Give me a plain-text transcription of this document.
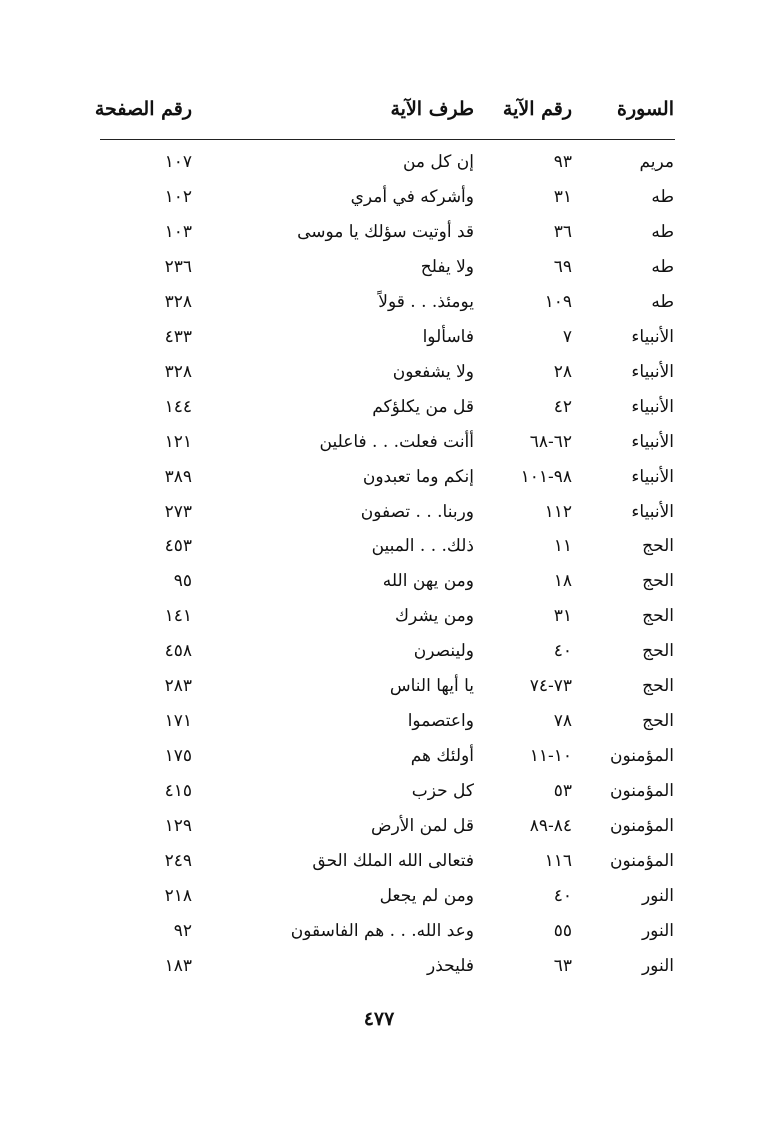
السورة
رقم الآية
طرف الآية
رقم الصفحة
مريم
٩٣
إن كل من
١٠٧
طه
٣١
وأشركه في أمري
١٠٢
طه
٣٦
قد أوتيت سؤلك يا موسى
١٠٣
طه
٦٩
ولا يفلح
٢٣٦
طه
١٠٩
يومئذ. . . قولاً
٣٢٨
الأنبياء
٧
فاسألوا
٤٣٣
الأنبياء
٢٨
ولا يشفعون
٣٢٨
الأنبياء
٤٢
قل من يكلؤكم
١٤٤
الأنبياء
٦٢-٦٨
أأنت فعلت. . . فاعلين
١٢١
الأنبياء
٩٨-١٠١
إنكم وما تعبدون
٣٨٩
الأنبياء
١١٢
وربنا. . . تصفون
٢٧٣
الحج
١١
ذلك. . . المبين
٤٥٣
الحج
١٨
ومن يهن الله
٩٥
الحج
٣١
ومن يشرك
١٤١
الحج
٤٠
ولينصرن
٤٥٨
الحج
٧٣-٧٤
يا أيها الناس
٢٨٣
الحج
٧٨
واعتصموا
١٧١
المؤمنون
١٠-١١
أولئك هم
١٧٥
المؤمنون
٥٣
كل حزب
٤١٥
المؤمنون
٨٤-٨٩
قل لمن الأرض
١٢٩
المؤمنون
١١٦
فتعالى الله الملك الحق
٢٤٩
النور
٤٠
ومن لم يجعل
٢١٨
النور
٥٥
وعد الله. . . هم الفاسقون
٩٢
النور
٦٣
فليحذر
١٨٣
٤٧٧
